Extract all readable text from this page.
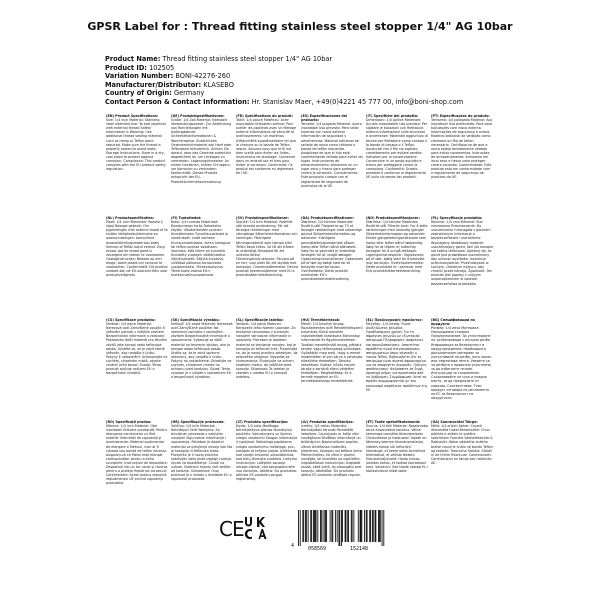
GPSR Label for : Thread fitting stainless steel stopper 1/4" AG 10bar
Product Name: Thread fitting stainless steel stopper 1/4" AG 10bar
Product ID: 102505
Variation Number: BONI-42276-260
Manufacturer/Distributor: KLASEBO
Country of Origin: Germany
Contact Person & Contact Information: Hr. Stanislav Maer, +49(0)4221 45 777 00, info@boni-shop.com
(EN) Product Specifications:
Size: 1/4 inch Material: Stainless steel Intended Use: To seal pipelines with external thread Safety Information & Warning: Use additional thread sealing material such as hemp or Teflon band required. Make sure the thread is properly sealed to avoid leaks. Storage Instructions: Store in a dry, cool place to protect against corrosion. Compliance: This product complies with the EU product safety regulation.
(DE) Produktspezifikationen:
Größe: 1/4 Zoll Material: Edelstahl Verwendungszweck: Zur Abdichtung von Rohrleitungen mit Außengewinde Sicherheitsinformationen & Warnhinweise: Zusätzliches Gewindedichtmaterial wie Hanf oder Teflonband erforderlich. Achten Sie darauf, dass das Gewinde ordentlich abgedichtet ist, um Leckagen zu vermeiden. Lagerungshinweise: An einem trockenen, kühlen Ort lagern, um Korrosion zu verhindern. Konformität: Dieses Produkt entspricht der EU-Produktsicherheitsverordnung.
(FR) Spécifications du produit:
Taille: 1/4 pouce Matériau: Acier inoxydable Utilisation prévue: Pour sceller les pipelines avec un filetage externe Informations de sécurité et avertissements: Un matériau d'étanchéité supplémentaire tel que le chanvre ou la bande de Teflon requis. Assurez-vous que le fil est bien scellé pour éviter les fuites. Instructions de stockage: Conserver dans un endroit sec et frais pour éviter la corrosion. Conformité: Ce produit est conforme au règlement de l'UE.
(ES) Especificaciones del producto:
Tamaño: 1/4 pulgada Material: Acero inoxidable Uso previsto: Para sellar tuberías con rosca externa Información de seguridad y advertencias: Material adicional de sellado de rosca como cáñamo o banda de teflón requerida. Asegúrese de que el hilo esté correctamente sellado para evitar las fugas. Instrucciones de almacenamiento: Almacene en un lugar seco y fresco para proteger contra la corrosión. Cumplimiento: Este producto cumple con el reglamento de seguridad de productos de la UE.
(IT) Specifiche del prodotto:
Dimensioni: 1/4 pollice Materiale: Acciaio inossidabile Uso previsto: Per sigillare le tubazioni con filettatura esterna Informazioni sulla sicurezza e avvertenze: Materiale aggiuntivo di tenuta per filettature come canapa o la banda di canapa o il Teflon. Assicurati che il filo sia sigillato correttamente per evitare perdite. Istruzioni per la conservazione: Conservare in un posto asciutto e fresco per proteggere contro la corrosione. Conformità: Questo prodotto è conforme al regolamento UE sulla sicurezza dei prodotti.
(PT) Especificações do produto:
Tamanho: 1/4 polegada Material: Aço inoxidável Uso pretendido: Para selar tubulações com rosca externa Informações de segurança e avisos: Material adicional de vedação como cânhamo ou fita de teflon necessário. Certifique-se de que a rosca esteja devidamente vedada para evitar vazamentos. Instruções de armazenamento: Armazene em local seco e fresco para proteger contra corrosão. Conformidade: Este produto está em conformidade com o regulamento de segurança de produtos da UE.
(NL) Productspecificaties:
Maat: 1/4 inch Materiaal: Roestvrij staal Beoogd gebruik: Om pijpleidingen met externe draad af te sluiten Veiligheidsinformatie en waarschuwingen: Aanvullend draadafdichtingsmateriaal zoals hennep of Teflon band vereist. Zorg ervoor dat de draad goed is verzegeld om lekken te voorkomen. Opslaginstructies: Bewaar op een droge, koele plaats om corrosie te voorkomen. Conformiteit: Dit product voldoet aan de EU-voorschriften voor productveiligheid.
(FI) Tuotetiedot:
Koko: 1/4 tuumaa Materiaali: Ruostumaton teräs Tarkoitettu käyttö: Ulkokierteisten putkien tiivistämiseen Turvallisuustiedot ja varoitukset: Lisää kierteen tiivistysmateriaalia, kuten hamppua tai teflon-nauhaa vaaditaan. Varmista, että kierre on kunnolla tiivistetty vuotojen välttämiseksi. Säilytysohjeet: Säilytä kuivassa, viileässä paikassa korroosiolta suojaamiseksi. Yhteensopivuus: Tämä tuote vastaa EU:n tuoteturvallisuusasetusta.
(SV) Produktspecifikationer:
Storlek: 1/4 tum Material: Rostfritt stål Avsedd användning: För att försegla rörledningar med yttergänga Säkerhetsinformation och varningar: Ytterligare tätningsmaterial som hampa eller Teflon band krävs. Se till att tråden är ordentligt förseglad för att undvika läckor. Förvaringsinstruktioner: Förvara på en torr, sval plats för att skydda mot korrosion. Överensstämmelse: Denna produkt överensstämmer med EU:s produktsäkerhetsförordning.
(DA) Produktspecifikationer:
Størrelse: 1/4 tomme Materiale: Rustfrit stål Tilsigtet brug: Til at forsegle rørledninger med udvendigt gevind Sikkerhedsinformation og advarsler: Yderligere gevindtætningsmateriale såsom hamp eller Teflon bånd påkrævet. Sørg for at gevindet er ordentligt forseglet for at undgå lækager. Opbevaringsinstruktioner: Opbevares på et tørt og køligt sted for at beskytte mod korrosion. Overholdelse: Dette produkt overholder EU's produktsikkerhedsforordning.
(NO) Produktspesifikasjoner:
Størrelse: 1/4 tomme Materiale: Rustfritt stål Tiltenkt bruk: For å tette rørledninger med utvendig gjenger Sikkerhetsinformasjon og advarsler: Ekstra gjengetetningsmateriale som hamp eller teflon bånd nødvendig. Sørg for at tråden er ordentlig forseglet for å unngå lekkasjer. Lagringsinstruksjoner: Oppbevares på et tørt, kjølig sted for å beskytte mot korrosjon. Overensstemmelse: Dette produktet er i samsvar med EUs produktsikkerhetsforordning.
(PL) Specyfikacje produktu:
Rozmiar: 1/4 cala Materiał: Stal nierdzewna Przeznaczenie: Do uszczelniania rurociągów z gwintem zewnętrznym Informacje o bezpieczeństwie i ostrzeżenia: Wymagany dodatkowy materiał uszczelniający gwint, taki jak konopie lub taśma teflonowa. Upewnij się, że gwint jest prawidłowo uszczelniony, aby uniknąć wycieków. Instrukcje przechowywania: Przechowywać w suchym, chłodnym miejscu, aby chronić przed korozją. Zgodność: Ten produkt jest zgodny z unijnym rozporządzeniem w sprawie bezpieczeństwa produktów.
(CS) Specifikace produktu:
Velikost: 1/4 palce Materiál: Nerezová ocel Zamýšlené použití: K utěsnění potrubí s vnějším závitem Bezpečnostní informace a varování: Požadován další materiál pro těsnění závitů jako konopí nebo teflonová páska. Ujistěte se, že je závit řádně utěsněn, aby nedošlo k úniku. Pokyny k uskladnění: Uchovávejte na suchém, chladném místě, abyste chránili před korozí. Shoda: Tento produkt splňuje nařízení EU o bezpečnosti výrobků.
(SK) Špecifikácia výrobku:
Veľkosť: 1/4 palca Materiál: Nerezová oceľ Zamýšľané použitie: Na utesnenie potrubia s vonkajším závitom Bezpečnostné informácie a upozornenia: Vyžaduje sa ďalší materiál na tesnenie závitov, ako je konope alebo teflónová páska. Uistite sa, že je závit správne utesnený, aby nedošlo k úniku. Pokyny na uskladnenie: Skladujte na suchom, chladnom mieste na ochranu pred koróziou. Súlad: Tento výrobok je v súlade s nariadením EÚ o bezpečnosti výrobkov.
(SL) Specifikacije izdelka:
Velikost: 1/4 palca Material: Nerjaveče jeklo Namen uporabe: Za tesnjenje cevovodov z zunanjim navojem Varnostne informacije in opozorila: Potreben je dodaten material za tesnjenje navojev, kot je konoplja ali teflonski trak. Prepričajte se, da je navoj pravilno zatesnjen, da preprečite uhajanje. Navodila za shranjevanje: Shranjujte na suhem, hladnem mestu, da zaščitite pred korozijo. Skladnost: Ta izdelek je skladen z uredbo EU o varnosti izdelkov.
(HU) Termékleírások:
Méret: 1/4 hüvelyk Anyag: Rozsdamentes acél Rendeltetésszerű használat: Külső menetes csővezetékek lezárására Biztonsági információk és figyelmeztetések: További menettömítő anyag, például kender vagy teflonszalag szükséges. Győződjön meg arról, hogy a menet megfelelően le van zárva a szivárgás elkerülése érdekében. Tárolási utasítások: Száraz, hűvös helyen tárolja a korrózió elleni védelem érdekében. Megfelelőség: Ez a termék megfelel az EU termékbiztonsági rendeletének.
(EL) Προδιαγραφές προϊόντος:
Μέγεθος: 1/4 ίντσας Υλικό: Ανοξείδωτος χάλυβας Προβλεπόμενη χρήση: Για τη σφράγιση αγωγών με εξωτερικό σπείρωμα Πληροφορίες ασφαλείας και προειδοποιήσεις: Απαιτείται πρόσθετο υλικό στεγανοποίησης σπειρωμάτων όπως κάνναβη ή ταινία Teflon. Βεβαιωθείτε ότι το σπείρωμα είναι σωστά σφραγισμένο για να αποφύγετε διαρροές. Οδηγίες αποθήκευσης: Φυλάσσετε σε ξηρό, δροσερό μέρος για προστασία από τη διάβρωση. Συμμόρφωση: Αυτό το προϊόν συμμορφώνεται με τον κανονισμό ασφάλειας προϊόντων της ΕΕ.
(BG) Спецификации на продукта:
Размер: 1/4 инча Материал: Неръждаема стомана Предназначение: За уплътняване на тръбопроводи с външна резба Информация за безопасност и предупреждения: Необходим е допълнителен материал за уплътняване на резба, като коноп или тефлонова лента. Уверете се, че резбата е правилно уплътнена, за да избегнете течове. Инструкции за съхранение: Съхранявайте на сухо и хладно място, за да предпазите от корозия. Съответствие: Този продукт отговаря на регламента на ЕС за безопасност на продуктите.
(RO) Specificații produs:
Mărime: 1/4 inch Material: Oțel inoxidabil Utilizare prevăzută: Pentru etanșarea conductelor cu filet exterior Informații de siguranță și avertismente: Material suplimentar de etanșare a filetului, cum ar fi cânepă sau bandă de teflon necesar. Asigurați-vă că filetul este etanșat corespunzător pentru a evita scurgerile. Instrucțiuni de depozitare: Depozitați într-un loc uscat și răcoros pentru a proteja împotriva coroziunii. Conformitate: Acest produs respectă regulamentul UE privind siguranța produselor.
(HR) Specifikacije proizvoda:
Veličina: 1/4 inča Materijal: Nehrđajući čelik Namjena: Za brtvljenje cjevovoda s vanjskim navojem Sigurnosne informacije i upozorenja: Potreban je dodatni materijal za brtvljenje navoja kao što je konoplja ili teflonska traka. Provjerite je li navoj pravilno zabrtvljen kako biste izbjegli curenje. Upute za skladištenje: Čuvati na suhom, hladnom mjestu radi zaštite od korozije. Sukladnost: Ovaj proizvod je u skladu s Uredbom EU o sigurnosti proizvoda.
(LT) Produkto specifikacijos:
Dydis: 1/4 colio Medžiaga: Nerūdijantysis plienas Numatytoji paskirtis: Vamzdynams su išoriniu sriegiu sandarinti Saugos informacija ir įspėjimai: Reikalinga papildoma sriegio sandarinimo medžiaga, pvz., kanapės ar teflono juosta. Įsitikinkite, kad sriegis tinkamai užsandarintas, kad būtų išvengta nuotėkio. Laikymo instrukcijos: Laikykite sausoje, vėsioje vietoje, kad apsaugotumėte nuo korozijos. Atitiktis: Šis produktas atitinka ES produktų saugos reglamentą.
(LV) Produkta specifikācijas:
Izmērs: 1/4 collas Materiāls: Nerūsējošais tērauds Paredzētā lietošana: Cauruļvadu ar ārējo vītni noslēgšanai Drošības informācija un brīdinājumi: Nepieciešams papildu vītnes blīvēšanas materiāls, piemēram, kaņepes vai teflona lente. Pārliecinieties, ka vītne ir pareizi noslēgta, lai izvairītos no noplūdēm. Uzglabāšanas instrukcijas: Uzglabāt sausā, vēsā vietā, lai aizsargātu pret koroziju. Atbilstība: Šis produkts atbilst ES produktu drošības regulai.
(ET) Toote spetsifikatsioonid:
Suurus: 1/4 tolli Materjal: Roostevaba teras Kavandatud kasutus: Välise keermega torustike tihendamiseks Ohutusteave ja hoiatused: Vajalik on täiendav keerme tihendusmaterjal, näiteks kanep või teflonlint. Veenduge, et keere oleks korralikult tihendatud, et vältida lekkeid. Hoiustamisjuhised: Hoida kuivas, jahedas kohas, et kaitsta korrosiooni eest. Vastavus: See toode vastab EL-i tooteohutuse määrusele.
(GA) Sonraíochtaí Táirge:
Méid: 1/4 orlach Ábhar: Cruach dhosmálta Úsáid Bheartaithe: Chun píblínte a shéalú le snáithe seachtrach Faisnéis Sábháilteachta & Rabhaidh: Ábhar séalaithe snáithe breise cosúil le cnáib nó banda Teflon ag teastáil. Treoracha Stórála: Stóráil in áit thirim fhionnuar. Comhlíonadh: Comhlíonann an táirge seo rialachán AE.
CE
4	058569	152148
